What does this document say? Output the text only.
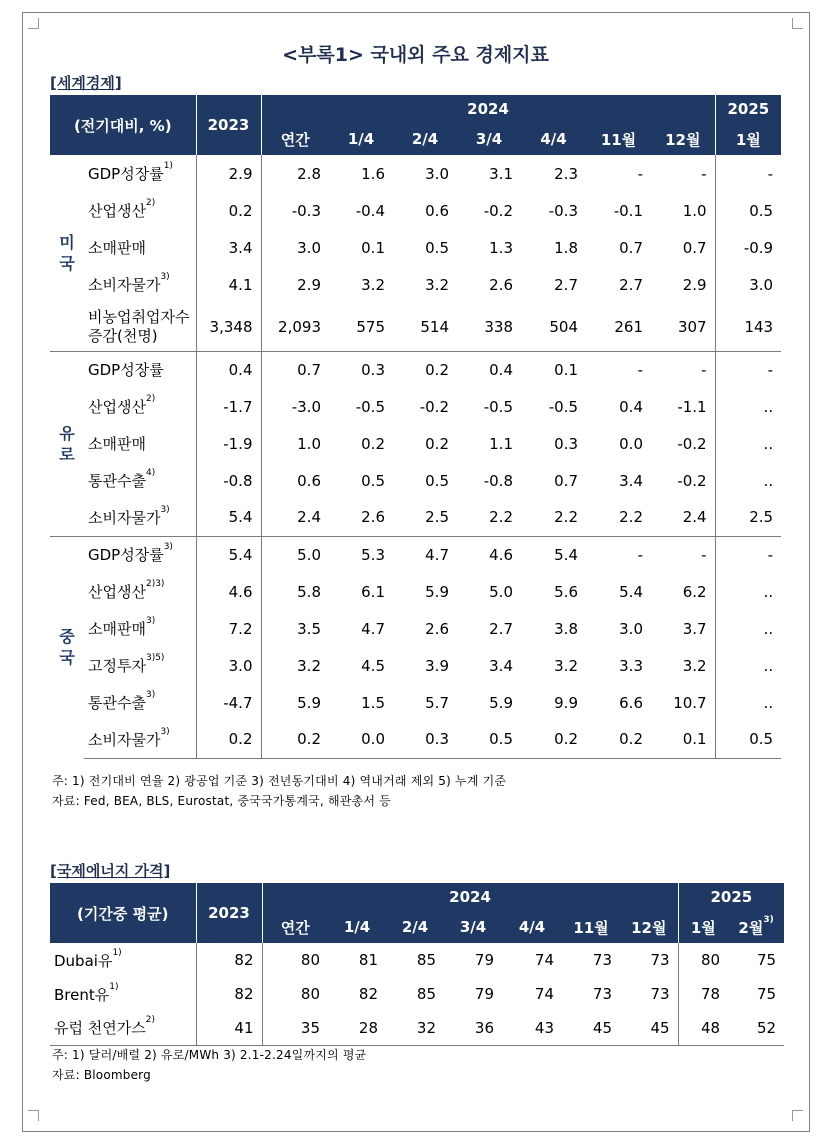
<부록1> 국내외 주요 경제지표
[세계경제]
(전기대비, %)		2023	2024							2025
			연간	1/4	2/4	3/4	4/4	11월	12월	1월

미
국	GDP성장률$^{1)}$	2.9	2.8	1.6	3.0	3.1	2.3	-	-	-
	산업생산$^{2)}$	0.2	-0.3	-0.4	0.6	-0.2	-0.3	-0.1	1.0	0.5
	소매판매	3.4	3.0	0.1	0.5	1.3	1.8	0.7	0.7	-0.9
	소비자물가$^{3)}$	4.1	2.9	3.2	3.2	2.6	2.7	2.7	2.9	3.0
	비농업취업자수
증감(천명)	3,348	2,093	575	514	338	504	261	307	143

유
로	GDP성장률	0.4	0.7	0.3	0.2	0.4	0.1	-	-	-
	산업생산$^{2)}$	-1.7	-3.0	-0.5	-0.2	-0.5	-0.5	0.4	-1.1	..
	소매판매	-1.9	1.0	0.2	0.2	1.1	0.3	0.0	-0.2	..
	통관수출$^{4)}$	-0.8	0.6	0.5	0.5	-0.8	0.7	3.4	-0.2	..
	소비자물가$^{3)}$	5.4	2.4	2.6	2.5	2.2	2.2	2.2	2.4	2.5

중
국	GDP성장률$^{3)}$	5.4	5.0	5.3	4.7	4.6	5.4	-	-	-
	산업생산$^{2)3)}$	4.6	5.8	6.1	5.9	5.0	5.6	5.4	6.2	..
	소매판매$^{3)}$	7.2	3.5	4.7	2.6	2.7	3.8	3.0	3.7	..
	고정투자$^{3)5)}$	3.0	3.2	4.5	3.9	3.4	3.2	3.3	3.2	..
	통관수출$^{3)}$	-4.7	5.9	1.5	5.7	5.9	9.9	6.6	10.7	..
	소비자물가$^{3)}$	0.2	0.2	0.0	0.3	0.5	0.2	0.2	0.1	0.5
주: 1) 전기대비 연율 2) 광공업 기준 3) 전년동기대비 4) 역내거래 제외 5) 누계 기준
자료: Fed, BEA, BLS, Eurostat, 중국국가통계국, 해관총서 등
[국제에너지 가격]
(기간중 평균)	2023	2024							2025	
		연간	1/4	2/4	3/4	4/4	11월	12월	1월	2월$^{3)}$
Dubai유$^{1)}$	82	80	81	85	79	74	73	73	80	75
Brent유$^{1)}$	82	80	82	85	79	74	73	73	78	75
유럽 천연가스$^{2)}$	41	35	28	32	36	43	45	45	48	52
주: 1) 달러/배럴 2) 유로/MWh 3) 2.1-2.24일까지의 평균
자료: Bloomberg
